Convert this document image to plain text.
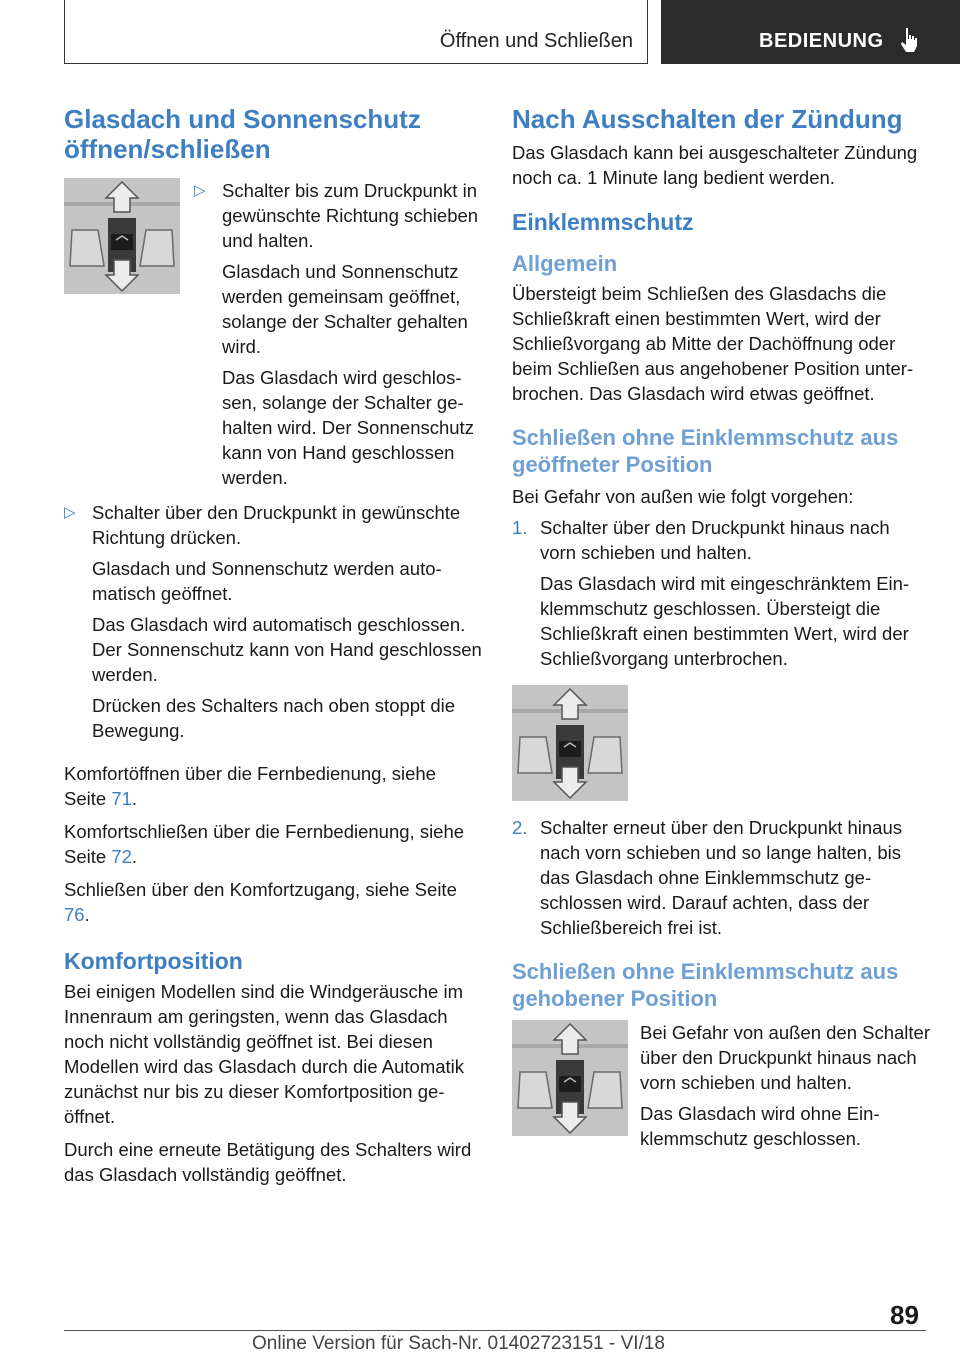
Öffnen und Schließen	BEDIENUNG
Glasdach und Sonnenschutz öffnen/schließen
▷ Schalter bis zum Druckpunkt in gewünschte Richtung schieben und halten.

Glasdach und Sonnenschutz werden gemeinsam geöffnet, solange der Schalter gehalten wird.

Das Glasdach wird geschlossen, solange der Schalter gehalten wird. Der Sonnenschutz kann von Hand geschlossen werden.

▷ Schalter über den Druckpunkt in gewünschte Richtung drücken.

Glasdach und Sonnenschutz werden automatisch geöffnet.

Das Glasdach wird automatisch geschlossen. Der Sonnenschutz kann von Hand geschlossen werden.

Drücken des Schalters nach oben stoppt die Bewegung.

Komfortöffnen über die Fernbedienung, siehe Seite 71.

Komfortschließen über die Fernbedienung, siehe Seite 72.

Schließen über den Komfortzugang, siehe Seite 76.

Komfortposition

Bei einigen Modellen sind die Windgeräusche im Innenraum am geringsten, wenn das Glasdach noch nicht vollständig geöffnet ist. Bei diesen Modellen wird das Glasdach durch die Automatik zunächst nur bis zu dieser Komfortposition geöffnet.

Durch eine erneute Betätigung des Schalters wird das Glasdach vollständig geöffnet.

Nach Ausschalten der Zündung

Das Glasdach kann bei ausgeschalteter Zündung noch ca. 1 Minute lang bedient werden.

Einklemmschutz
Allgemein

Übersteigt beim Schließen des Glasdachs die Schließkraft einen bestimmten Wert, wird der Schließvorgang ab Mitte der Dachöffnung oder beim Schließen aus angehobener Position unterbrochen. Das Glasdach wird etwas geöffnet.

Schließen ohne Einklemmschutz aus geöffneter Position

Bei Gefahr von außen wie folgt vorgehen:

1. Schalter über den Druckpunkt hinaus nach vorn schieben und halten.

Das Glasdach wird mit eingeschränktem Einklemmschutz geschlossen. Übersteigt die Schließkraft einen bestimmten Wert, wird der Schließvorgang unterbrochen.

2. Schalter erneut über den Druckpunkt hinaus nach vorn schieben und so lange halten, bis das Glasdach ohne Einklemmschutz geschlossen wird. Darauf achten, dass der Schließbereich frei ist.

Schließen ohne Einklemmschutz aus gehobener Position

Bei Gefahr von außen den Schalter über den Druckpunkt hinaus nach vorn schieben und halten.

Das Glasdach wird ohne Einklemmschutz geschlossen.

89
Online Version für Sach-Nr. 01402723151 - VI/18
